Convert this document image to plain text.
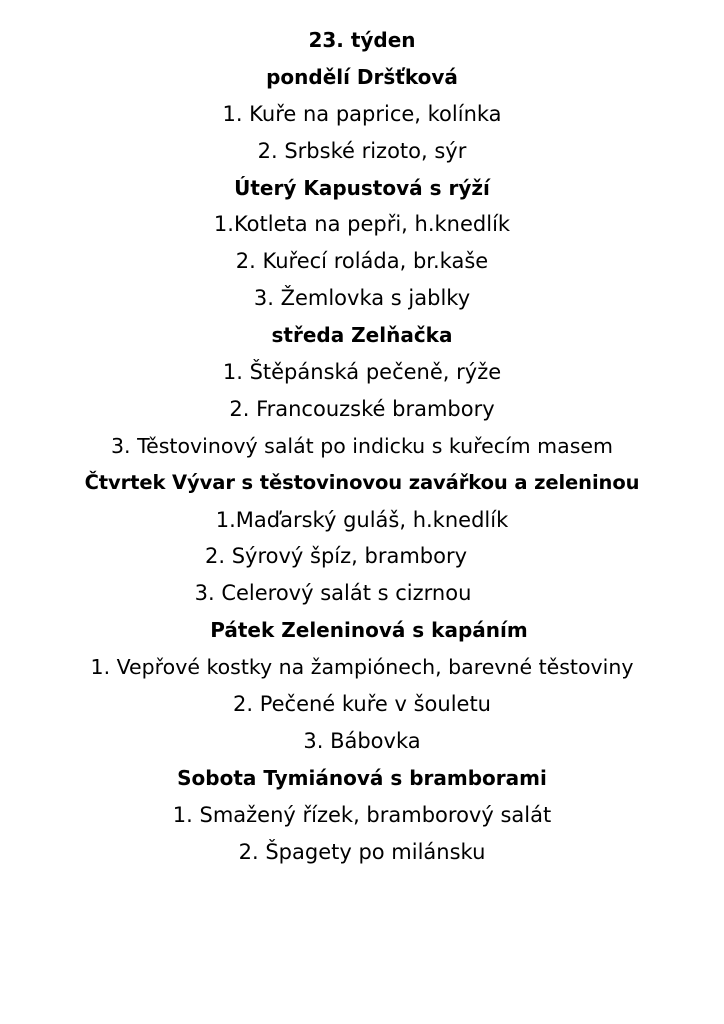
23. týden
pondělí Dršťková
1. Kuře na paprice, kolínka
2. Srbské rizoto, sýr
Úterý Kapustová s rýží
1.Kotleta na pepři, h.knedlík
2. Kuřecí roláda, br.kaše
3. Žemlovka s jablky
středa Zelňačka
1. Štěpánská pečeně, rýže
2. Francouzské brambory
3. Těstovinový salát po indicku s kuřecím masem
Čtvrtek Vývar s těstovinovou zavářkou a zeleninou
1.Maďarský guláš, h.knedlík
2. Sýrový špíz, brambory
3. Celerový salát s cizrnou
Pátek Zeleninová s kapáním
1. Vepřové kostky na žampiónech, barevné těstoviny
2. Pečené kuře v šouletu
3. Bábovka
Sobota Tymiánová s bramborami
1. Smažený řízek, bramborový salát
2. Špagety po milánsku
